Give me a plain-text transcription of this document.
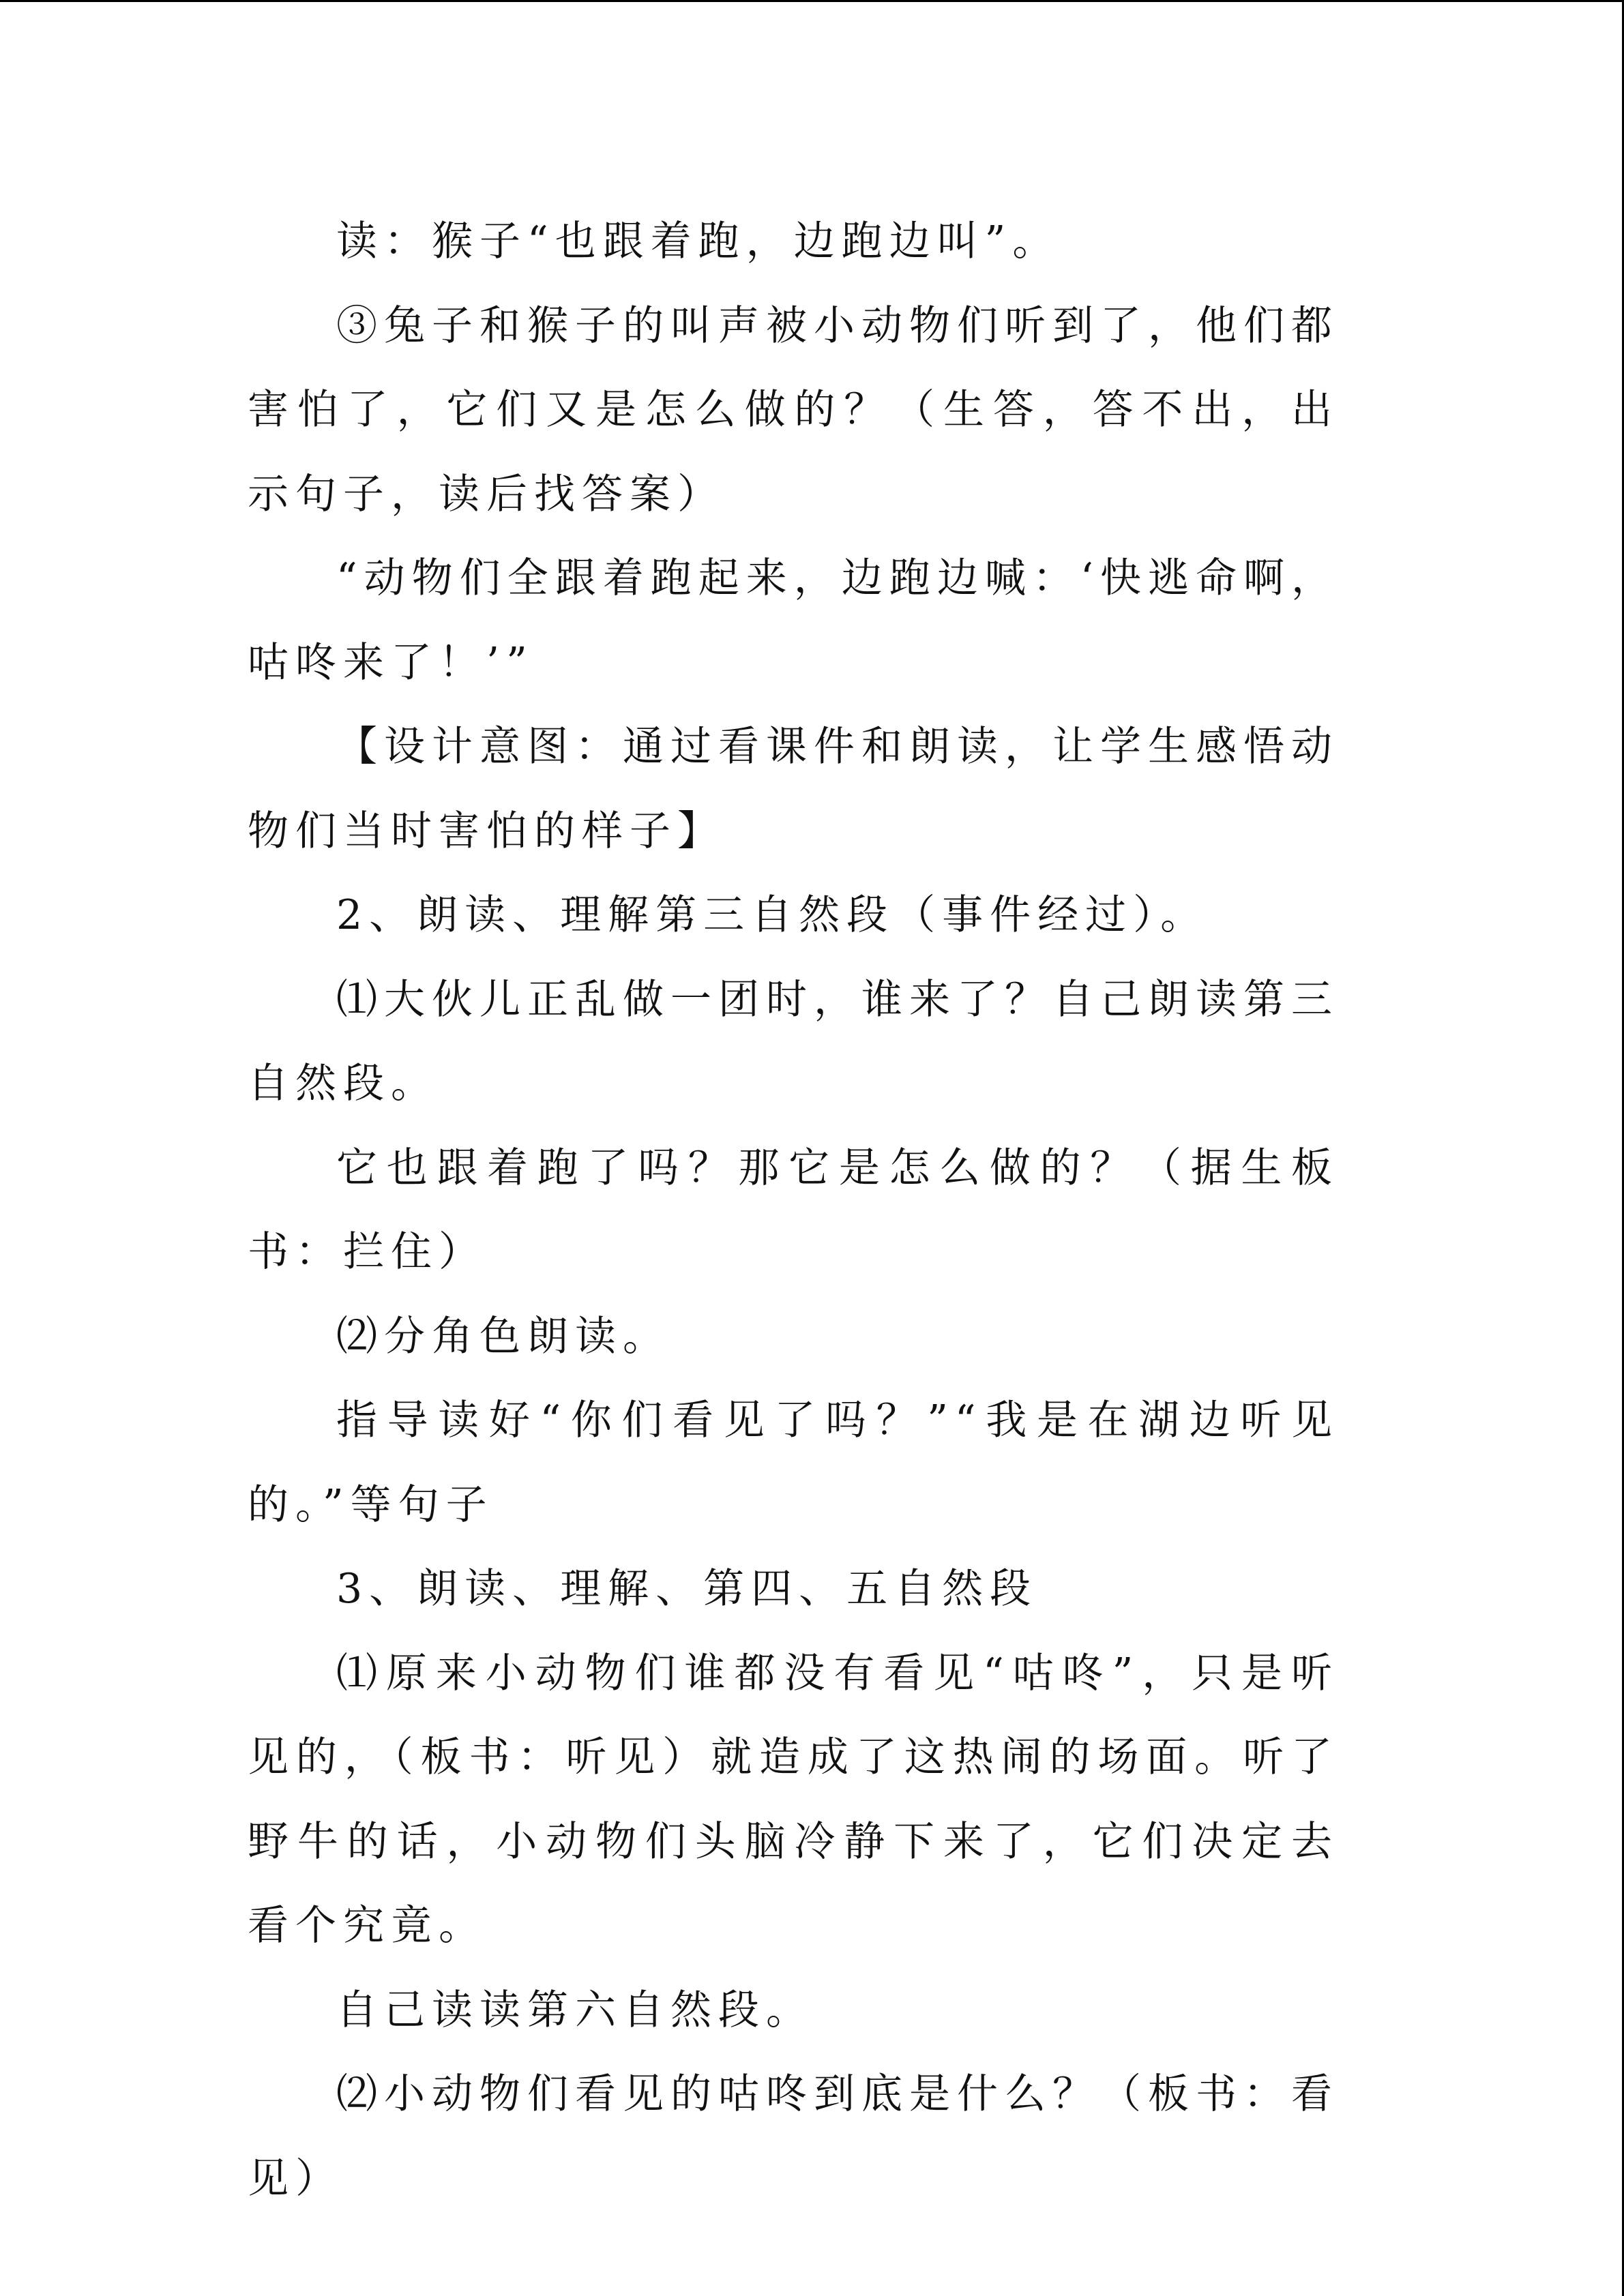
读：猴子“也跟着跑，边跑边叫”。

③兔子和猴子的叫声被小动物们听到了，他们都害怕了，它们又是怎么做的？（生答，答不出，出示句子，读后找答案）

“动物们全跟着跑起来，边跑边喊：‘快逃命啊，咕咚来了！’”

【设计意图：通过看课件和朗读，让学生感悟动物们当时害怕的样子】

2、朗读、理解第三自然段（事件经过）。

⑴大伙儿正乱做一团时，谁来了？自己朗读第三自然段。

它也跟着跑了吗？那它是怎么做的？（据生板书：拦住）

⑵分角色朗读。

指导读好“你们看见了吗？”“我是在湖边听见的。”等句子

3、朗读、理解、第四、五自然段

⑴原来小动物们谁都没有看见“咕咚”，只是听见的，（板书：听见）就造成了这热闹的场面。听了野牛的话，小动物们头脑冷静下来了，它们决定去看个究竟。

自己读读第六自然段。

⑵小动物们看见的咕咚到底是什么？（板书：看见）
